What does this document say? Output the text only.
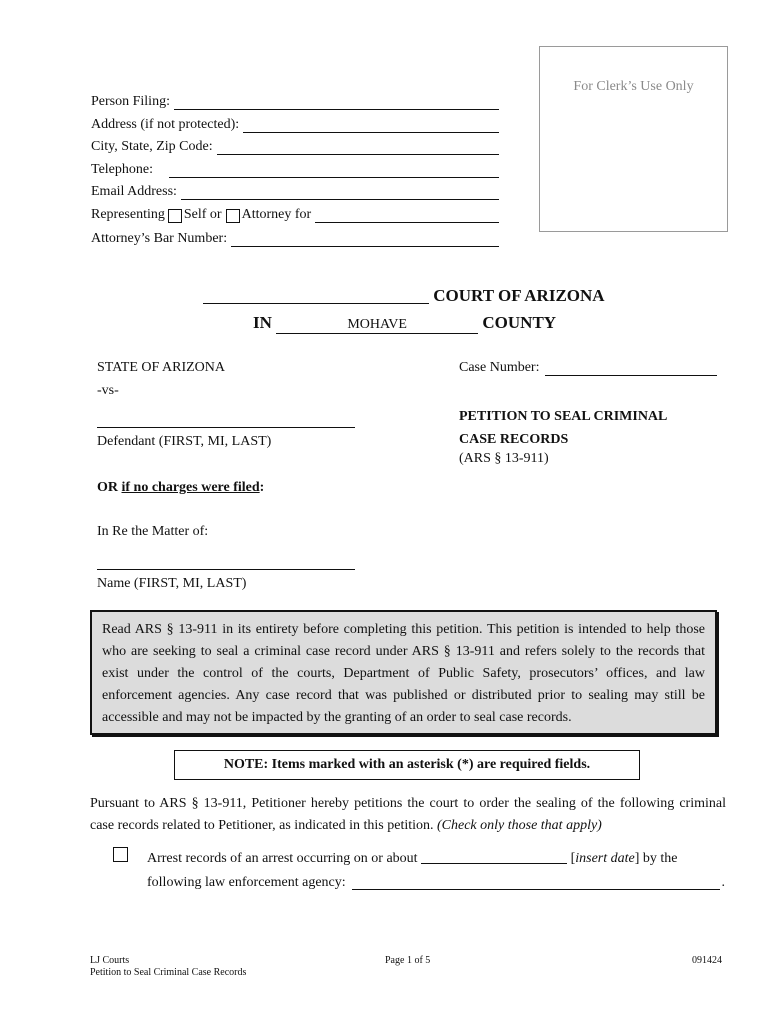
For Clerk’s Use Only
Person Filing:
Address (if not protected):
City, State, Zip Code:
Telephone:
Email Address:
Representing Self or Attorney for
Attorney’s Bar Number:
COURT OF ARIZONA
IN	MOHAVE	COUNTY
STATE OF ARIZONA
-vs-
Defendant (FIRST, MI, LAST)
OR if no charges were filed:
In Re the Matter of:
Name (FIRST, MI, LAST)
Case Number:
PETITION TO SEAL CRIMINAL
CASE RECORDS
(ARS § 13-911)
Read ARS § 13-911 in its entirety before completing this petition. This petition is intended to help those who are seeking to seal a criminal case record under ARS § 13-911 and refers solely to the records that exist under the control of the courts, Department of Public Safety, prosecutors’ offices, and law enforcement agencies. Any case record that was published or distributed prior to sealing may still be accessible and may not be impacted by the granting of an order to seal case records.
NOTE: Items marked with an asterisk (*) are required fields.
Pursuant to ARS § 13-911, Petitioner hereby petitions the court to order the sealing of the following criminal case records related to Petitioner, as indicated in this petition. (Check only those that apply)
Arrest records of an arrest occurring on or about	[insert date] by the
following law enforcement agency:	.
LJ Courts
Petition to Seal Criminal Case Records
Page 1 of 5	091424
